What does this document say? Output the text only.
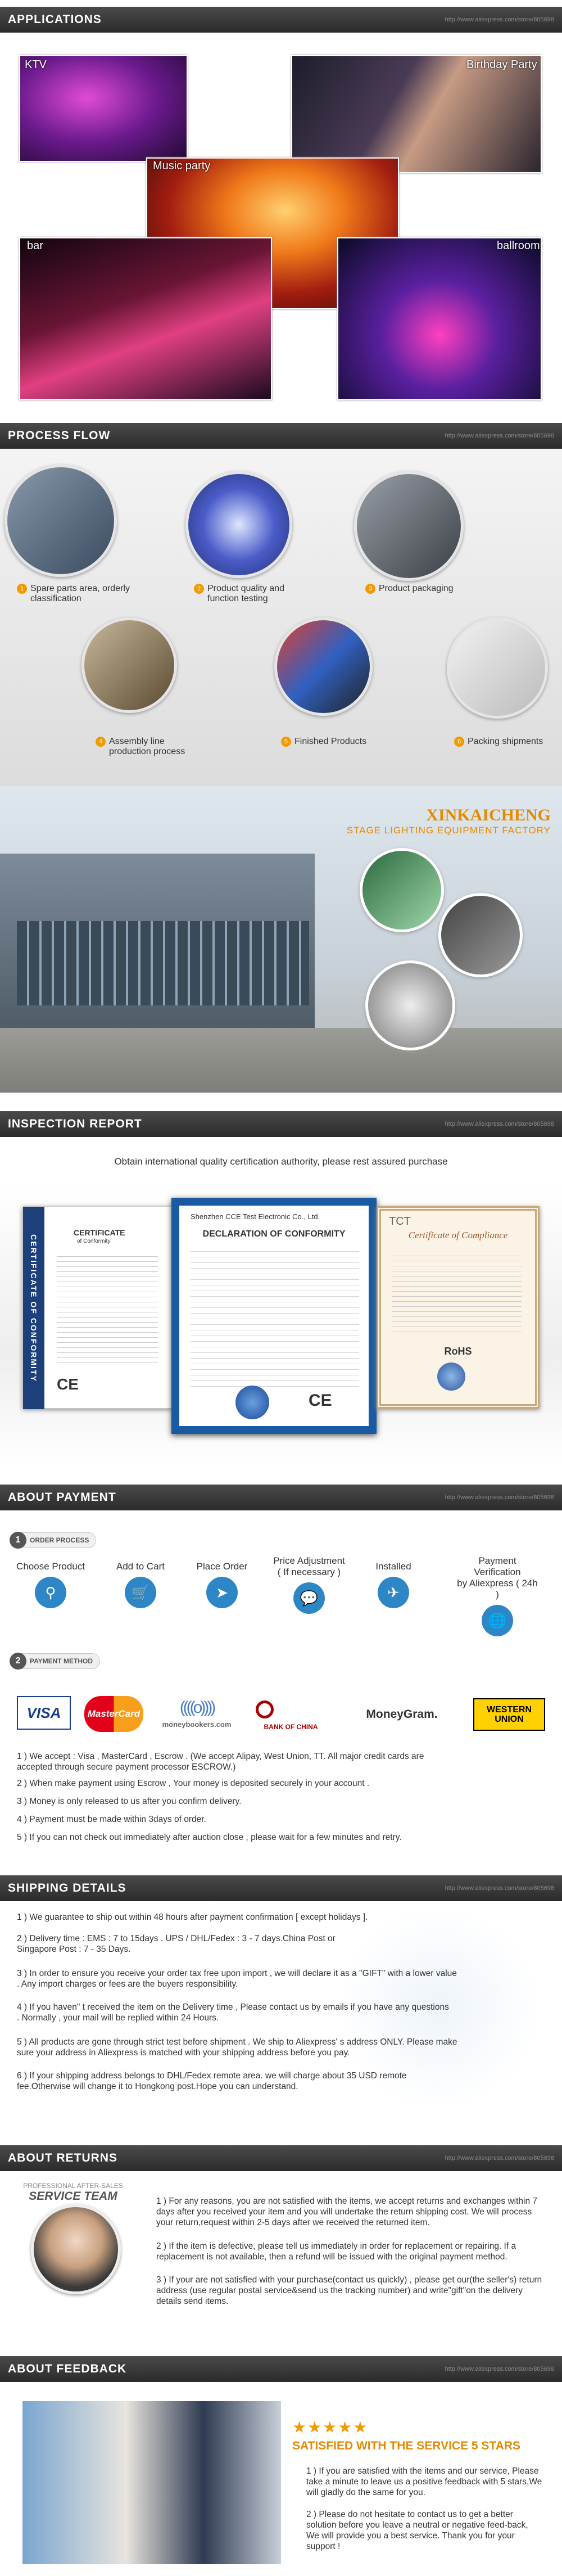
APPLICATIONS	http://www.aliexpress.com/store/805698
KTV	Birthday Party
Music party
bar	ballroom
PROCESS FLOW	http://www.aliexpress.com/store/805698
1 Spare parts area, orderly classification
2 Product quality and function testing
3 Product packaging
4 Assembly line production process
5 Finished Products	6 Packing shipments
XINKAICHENG
STAGE LIGHTING EQUIPMENT FACTORY
INSPECTION REPORT	http://www.aliexpress.com/store/805698
Obtain international quality certification authority, please rest assured purchase
CERTIFICATE OF CONFORMITY
CERTIFICATE
of Conformity
CE
Shenzhen CCE Test Electronic Co., Ltd.
DECLARATION OF CONFORMITY
CE
TCT
Certificate of Compliance
RoHS
ABOUT PAYMENT	http://www.aliexpress.com/store/805698
1	ORDER PROCESS
Choose Product
⚲
Add to Cart
🛒
Place Order
➤
Price Adjustment
( If necessary )
💬
Installed
✈
Payment Verification
by Aliexpress ( 24h )
🌐
2	PAYMENT METHOD
VISA	MasterCard
moneybookers.com
((((o))))
BANK OF CHINA
MoneyGram.	WESTERN UNION
1 ) We accept : Visa , MasterCard , Escrow . (We accept Alipay, West Union, TT. All major credit cards are accepted through secure payment processor ESCROW.)
2 ) When make payment using Escrow , Your money is deposited securely in your account .
3 ) Money is only released to us after you confirm delivery.
4 ) Payment must be made within 3days of order.
5 ) If you can not check out immediately after auction close , please wait for a few minutes and retry.
SHIPPING DETAILS	http://www.aliexpress.com/store/805698
1 ) We guarantee to ship out within 48 hours after payment confirmation [ except holidays ].
2 ) Delivery time : EMS : 7 to 15days . UPS / DHL/Fedex : 3 - 7 days.China Post or Singapore Post : 7 - 35 Days.
3 ) In order to ensure you receive your order tax free upon import , we will declare it as a "GIFT" with a lower value . Any import charges or fees are the buyers responsibility.
4 ) If you haven" t received the item on the Delivery time , Please contact us by emails if you have any questions . Normally , your mail will be replied within 24 Hours.
5 ) All products are gone through strict test before shipment . We ship to Aliexpress' s address ONLY. Please make sure your address in Aliexpress is matched with your shipping address before you pay.
6 ) If your shipping address belongs to DHL/Fedex remote area. we will charge about 35 USD remote fee.Otherwise will change it to Hongkong post.Hope you can understand.
ABOUT RETURNS	http://www.aliexpress.com/store/805698
PROFESSIONAL AFTER-SALES
SERVICE TEAM	1 ) For any reasons, you are not satisfied with the items, we accept returns and exchanges within 7 days after you received your item and you will undertake the return shipping cost. We will process your return,request within 2-5 days after we received the returned item.
2 ) If the item is defective, please tell us immediately in order for replacement or repairing. If a replacement is not available, then a refund will be issued with the original payment method.
3 ) If your are not satisfied with your purchase(contact us quickly) , please get our(the seller's) return address (use regular postal service&send us the tracking number) and write"gift"on the delivery details send items.
ABOUT FEEDBACK	http://www.aliexpress.com/store/805698
★★★★★
SATISFIED WITH THE SERVICE 5 STARS
1 ) If you are satisfied with the items and our service, Please take a minute to leave us a positive feedback with 5 stars,We will gladly do the same for you.
2 ) Please do not hesitate to contact us to get a better solution before you leave a neutral or negative feed-back, We will provide you a best service. Thank you for your support !
